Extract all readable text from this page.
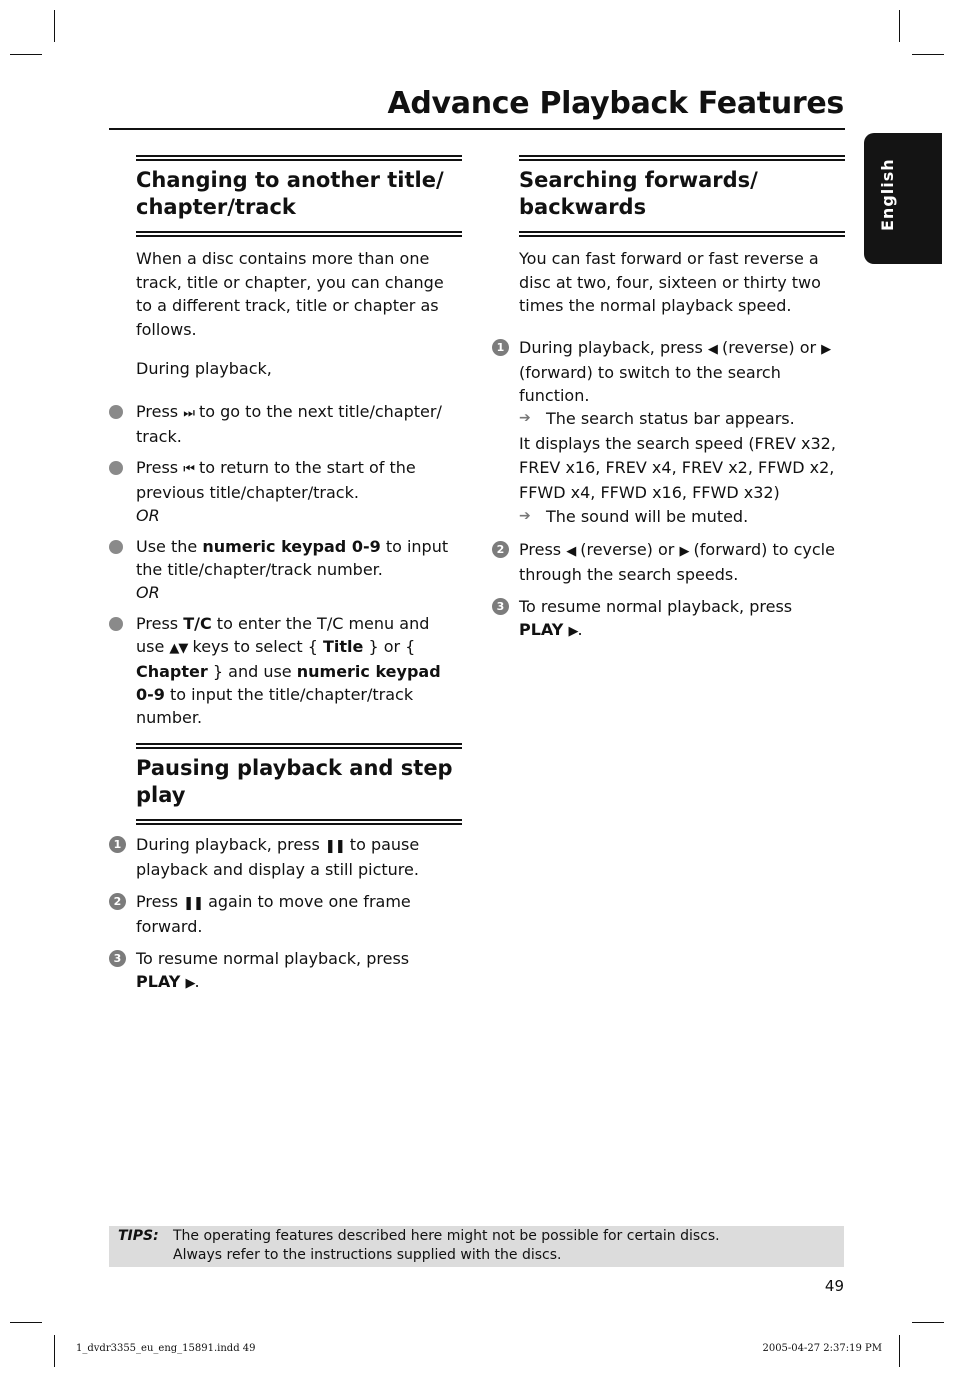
Advance Playback Features
English
Changing to another title/ chapter/track

When a disc contains more than one track, title or chapter, you can change to a different track, title or chapter as follows.

During playback,

Press ⏭ to go to the next title/chapter/ track.
Press ⏮ to return to the start of the previous title/chapter/track.
OR
Use the numeric keypad 0-9 to input the title/chapter/track number.
OR
Press T/C to enter the T/C menu and use ▲▼ keys to select { Title } or { Chapter } and use numeric keypad 0-9 to input the title/chapter/track number.
Pausing playback and step play
1 During playback, press ❚❚ to pause playback and display a still picture.
2 Press ❚❚ again to move one frame forward.
3 To resume normal playback, press
PLAY ▶.
Searching forwards/ backwards

You can fast forward or fast reverse a disc at two, four, sixteen or thirty two times the normal playback speed.

1 During playback, press ◀ (reverse) or ▶ (forward) to switch to the search function.
➔ The search status bar appears.
It displays the search speed (FREV x32, FREV x16, FREV x4, FREV x2, FFWD x2, FFWD x4, FFWD x16, FFWD x32)
➔ The sound will be muted.
2 Press ◀ (reverse) or ▶ (forward) to cycle through the search speeds.
3 To resume normal playback, press
PLAY ▶.
TIPS: The operating features described here might not be possible for certain discs.
Always refer to the instructions supplied with the discs.
49
1_dvdr3355_eu_eng_15891.indd 49	2005-04-27 2:37:19 PM
